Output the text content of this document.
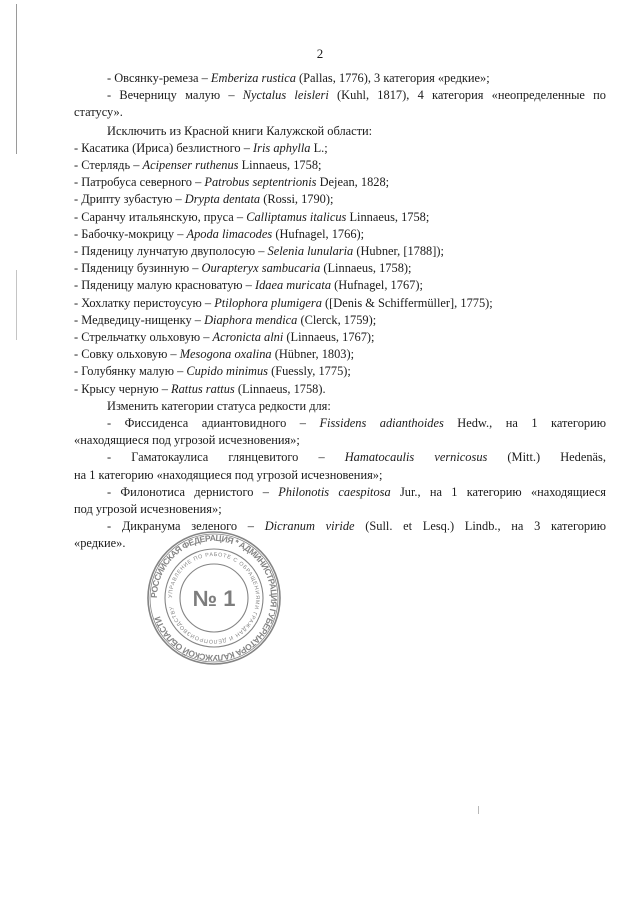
2

- Овсянку-ремеза – Emberiza rustica (Pallas, 1776), 3 категория «редкие»;

- Вечерницу малую – Nyctalus leisleri (Kuhl, 1817), 4 категория «неопределенные по

статусу».

Исключить из Красной книги Калужской области:

- Касатика (Ириса) безлистного – Iris aphylla L.;

- Стерлядь – Acipenser ruthenus Linnaeus, 1758;

- Патробуса северного – Patrobus septentrionis Dejean, 1828;

- Дрипту зубастую – Drypta dentata (Rossi, 1790);

- Саранчу итальянскую, пруса – Calliptamus italicus Linnaeus, 1758;

- Бабочку-мокрицу – Apoda limacodes (Hufnagel, 1766);

- Пяденицу лунчатую двуполосую – Selenia lunularia (Hubner, [1788]);

- Пяденицу бузинную – Ourapteryx sambucaria (Linnaeus, 1758);

- Пяденицу малую красноватую – Idaea muricata (Hufnagel, 1767);

- Хохлатку перистоусую – Ptilophora plumigera ([Denis & Schiffermüller], 1775);

- Медведицу-нищенку – Diaphora mendica (Clerck, 1759);

- Стрельчатку ольховую – Acronicta alni (Linnaeus, 1767);

- Совку ольховую – Mesogona oxalina (Hübner, 1803);

- Голубянку малую – Cupido minimus (Fuessly, 1775);

- Крысу черную – Rattus rattus (Linnaeus, 1758).

Изменить категории статуса редкости для:

- Фиссиденса адиантовидного – Fissidens adianthoides Hedw., на 1 категорию

«находящиеся под угрозой исчезновения»;

- Гаматокаулиса глянцевитого – Hamatocaulis vernicosus (Mitt.) Hedenäs,

на 1 категорию «находящиеся под угрозой исчезновения»;

- Филонотиса дернистого – Philonotis caespitosa Jur., на 1 категорию «находящиеся

под угрозой исчезновения»;

- Дикранума зеленого – Dicranum viride (Sull. et Lesq.) Lindb., на 3 категорию

«редкие».

РОССИЙСКАЯ ФЕДЕРАЦИЯ * АДМИНИСТРАЦИЯ ГУБЕРНАТОРА КАЛУЖСКОЙ ОБЛАСТИ
УПРАВЛЕНИЕ ПО РАБОТЕ С ОБРАЩЕНИЯМИ ГРАЖДАН И ДЕЛОПРОИЗВОДСТВУ № 1
